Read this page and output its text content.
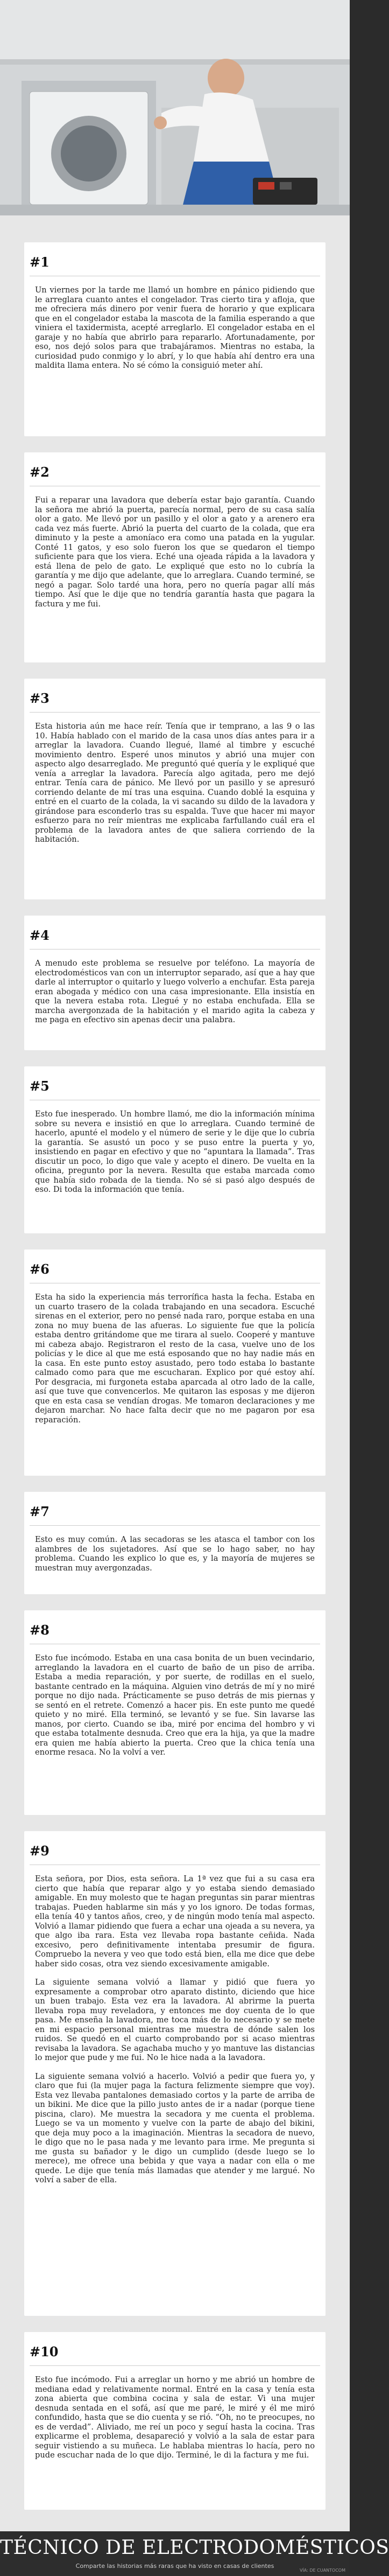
#1

Un viernes por la tarde me llamó un hombre en pánico pidiendo que le arreglara cuanto antes el congelador. Tras cierto tira y afloja, que me ofreciera más dinero por venir fuera de horario y que explicara que en el congelador estaba la mascota de la familia esperando a que viniera el taxidermista, acepté arreglarlo. El congelador estaba en el garaje y no había que abrirlo para repararlo. Afortunadamente, por eso, nos dejó solos para que trabajáramos. Mientras no estaba, la curiosidad pudo conmigo y lo abrí, y lo que había ahí dentro era una maldita llama entera. No sé cómo la consiguió meter ahí.

#2

Fui a reparar una lavadora que debería estar bajo garantía. Cuando la señora me abrió la puerta, parecía normal, pero de su casa salía olor a gato. Me llevó por un pasillo y el olor a gato y a arenero era cada vez más fuerte. Abrió la puerta del cuarto de la colada, que era diminuto y la peste a amoníaco era como una patada en la yugular. Conté 11 gatos, y eso solo fueron los que se quedaron el tiempo suficiente para que los viera. Eché una ojeada rápida a la lavadora y está llena de pelo de gato. Le expliqué que esto no lo cubría la garantía y me dijo que adelante, que lo arreglara. Cuando terminé, se negó a pagar. Solo tardé una hora, pero no quería pagar allí más tiempo. Así que le dije que no tendría garantía hasta que pagara la factura y me fui.

#3

Esta historia aún me hace reír. Tenía que ir temprano, a las 9 o las 10. Había hablado con el marido de la casa unos días antes para ir a arreglar la lavadora. Cuando llegué, llamé al timbre y escuché movimiento dentro. Esperé unos minutos y abrió una mujer con aspecto algo desarreglado. Me preguntó qué quería y le expliqué que venía a arreglar la lavadora. Parecía algo agitada, pero me dejó entrar. Tenía cara de pánico. Me llevó por un pasillo y se apresuró corriendo delante de mí tras una esquina. Cuando doblé la esquina y entré en el cuarto de la colada, la vi sacando su dildo de la lavadora y girándose para esconderlo tras su espalda. Tuve que hacer mi mayor esfuerzo para no reír mientras me explicaba farfullando cuál era el problema de la lavadora antes de que saliera corriendo de la habitación.

#4

A menudo este problema se resuelve por teléfono. La mayoría de electrodomésticos van con un interruptor separado, así que a hay que darle al interruptor o quitarlo y luego volverlo a enchufar. Esta pareja eran abogada y médico con una casa impresionante. Ella insistía en que la nevera estaba rota. Llegué y no estaba enchufada. Ella se marcha avergonzada de la habitación y el marido agita la cabeza y me paga en efectivo sin apenas decir una palabra.

#5

Esto fue inesperado. Un hombre llamó, me dio la información mínima sobre su nevera e insistió en que lo arreglara. Cuando terminé de hacerlo, apunté el modelo y el número de serie y le dije que lo cubría la garantía. Se asustó un poco y se puso entre la puerta y yo, insistiendo en pagar en efectivo y que no “apuntara la llamada”. Tras discutir un poco, lo digo que vale y acepto el dinero. De vuelta en la oficina, pregunto por la nevera. Resulta que estaba marcada como que había sido robada de la tienda. No sé si pasó algo después de eso. Di toda la información que tenía.

#6

Esta ha sido la experiencia más terrorífica hasta la fecha. Estaba en un cuarto trasero de la colada trabajando en una secadora. Escuché sirenas en el exterior, pero no pensé nada raro, porque estaba en una zona no muy buena de las afueras. Lo siguiente fue que la policía estaba dentro gritándome que me tirara al suelo. Cooperé y mantuve mi cabeza abajo. Registraron el resto de la casa, vuelve uno de los policías y le dice al que me está esposando que no hay nadie más en la casa. En este punto estoy asustado, pero todo estaba lo bastante calmado como para que me escucharan. Explico por qué estoy ahí. Por desgracia, mi furgoneta estaba aparcada al otro lado de la calle, así que tuve que convencerlos. Me quitaron las esposas y me dijeron que en esta casa se vendían drogas. Me tomaron declaraciones y me dejaron marchar. No hace falta decir que no me pagaron por esa reparación.

#7

Esto es muy común. A las secadoras se les atasca el tambor con los alambres de los sujetadores. Así que se lo hago saber, no hay problema. Cuando les explico lo que es, y la mayoría de mujeres se muestran muy avergonzadas.

#8

Esto fue incómodo. Estaba en una casa bonita de un buen vecindario, arreglando la lavadora en el cuarto de baño de un piso de arriba. Estaba a media reparación, y por suerte, de rodillas en el suelo, bastante centrado en la máquina. Alguien vino detrás de mí y no miré porque no dijo nada. Prácticamente se puso detrás de mis piernas y se sentó en el retrete. Comenzó a hacer pis. En este punto me quedé quieto y no miré. Ella terminó, se levantó y se fue. Sin lavarse las manos, por cierto. Cuando se iba, miré por encima del hombro y vi que estaba totalmente desnuda. Creo que era la hija, ya que la madre era quien me había abierto la puerta. Creo que la chica tenía una enorme resaca. No la volví a ver.

#9

Esta señora, por Dios, esta señora. La 1ª vez que fui a su casa era cierto que había que reparar algo y yo estaba siendo demasiado amigable. En muy molesto que te hagan preguntas sin parar mientras trabajas. Pueden hablarme sin más y yo los ignoro. De todas formas, ella tenía 40 y tantos años, creo, y de ningún modo tenía mal aspecto. Volvió a llamar pidiendo que fuera a echar una ojeada a su nevera, ya que algo iba rara. Esta vez llevaba ropa bastante ceñida. Nada excesivo, pero definitivamente intentaba presumir de figura. Compruebo la nevera y veo que todo está bien, ella me dice que debe haber sido cosas, otra vez siendo excesivamente amigable.

La siguiente semana volvió a llamar y pidió que fuera yo expresamente a comprobar otro aparato distinto, diciendo que hice un buen trabajo. Esta vez era la lavadora. Al abrirme la puerta llevaba ropa muy reveladora, y entonces me doy cuenta de lo que pasa. Me enseña la lavadora, me toca más de lo necesario y se mete en mi espacio personal mientras me muestra de dónde salen los ruidos. Se quedó en el cuarto comprobando por si acaso mientras revisaba la lavadora. Se agachaba mucho y yo mantuve las distancias lo mejor que pude y me fui. No le hice nada a la lavadora.

La siguiente semana volvió a hacerlo. Volvió a pedir que fuera yo, y claro que fui (la mujer paga la factura felizmente siempre que voy). Esta vez llevaba pantalones demasiado cortos y la parte de arriba de un bikini. Me dice que la pillo justo antes de ir a nadar (porque tiene piscina, claro). Me muestra la secadora y me cuenta el problema. Luego se va un momento y vuelve con la parte de abajo del bikini, que deja muy poco a la imaginación. Mientras la secadora de nuevo, le digo que no le pasa nada y me levanto para irme. Me pregunta si me gusta su bañador y le digo un cumplido (desde luego se lo merece), me ofrece una bebida y que vaya a nadar con ella o me quede. Le dije que tenía más llamadas que atender y me largué. No volví a saber de ella.

#10

Esto fue incómodo. Fui a arreglar un horno y me abrió un hombre de mediana edad y relativamente normal. Entré en la casa y tenía esta zona abierta que combina cocina y sala de estar. Vi una mujer desnuda sentada en el sofá, así que me paré, le miré y él me miró confundido, hasta que se dio cuenta y se rió. “Oh, no te preocupes, no es de verdad”. Aliviado, me reí un poco y seguí hasta la cocina. Tras explicarme el problema, desapareció y volvió a la sala de estar para seguir vistiendo a su muñeca. Le hablaba mientras lo hacía, pero no pude escuchar nada de lo que dijo. Terminé, le di la factura y me fui.

TÉCNICO DE ELECTRODOMÉSTICOS
Comparte las historias más raras que ha visto en casas de clientes
VÍA: DE CUANTOCOM
